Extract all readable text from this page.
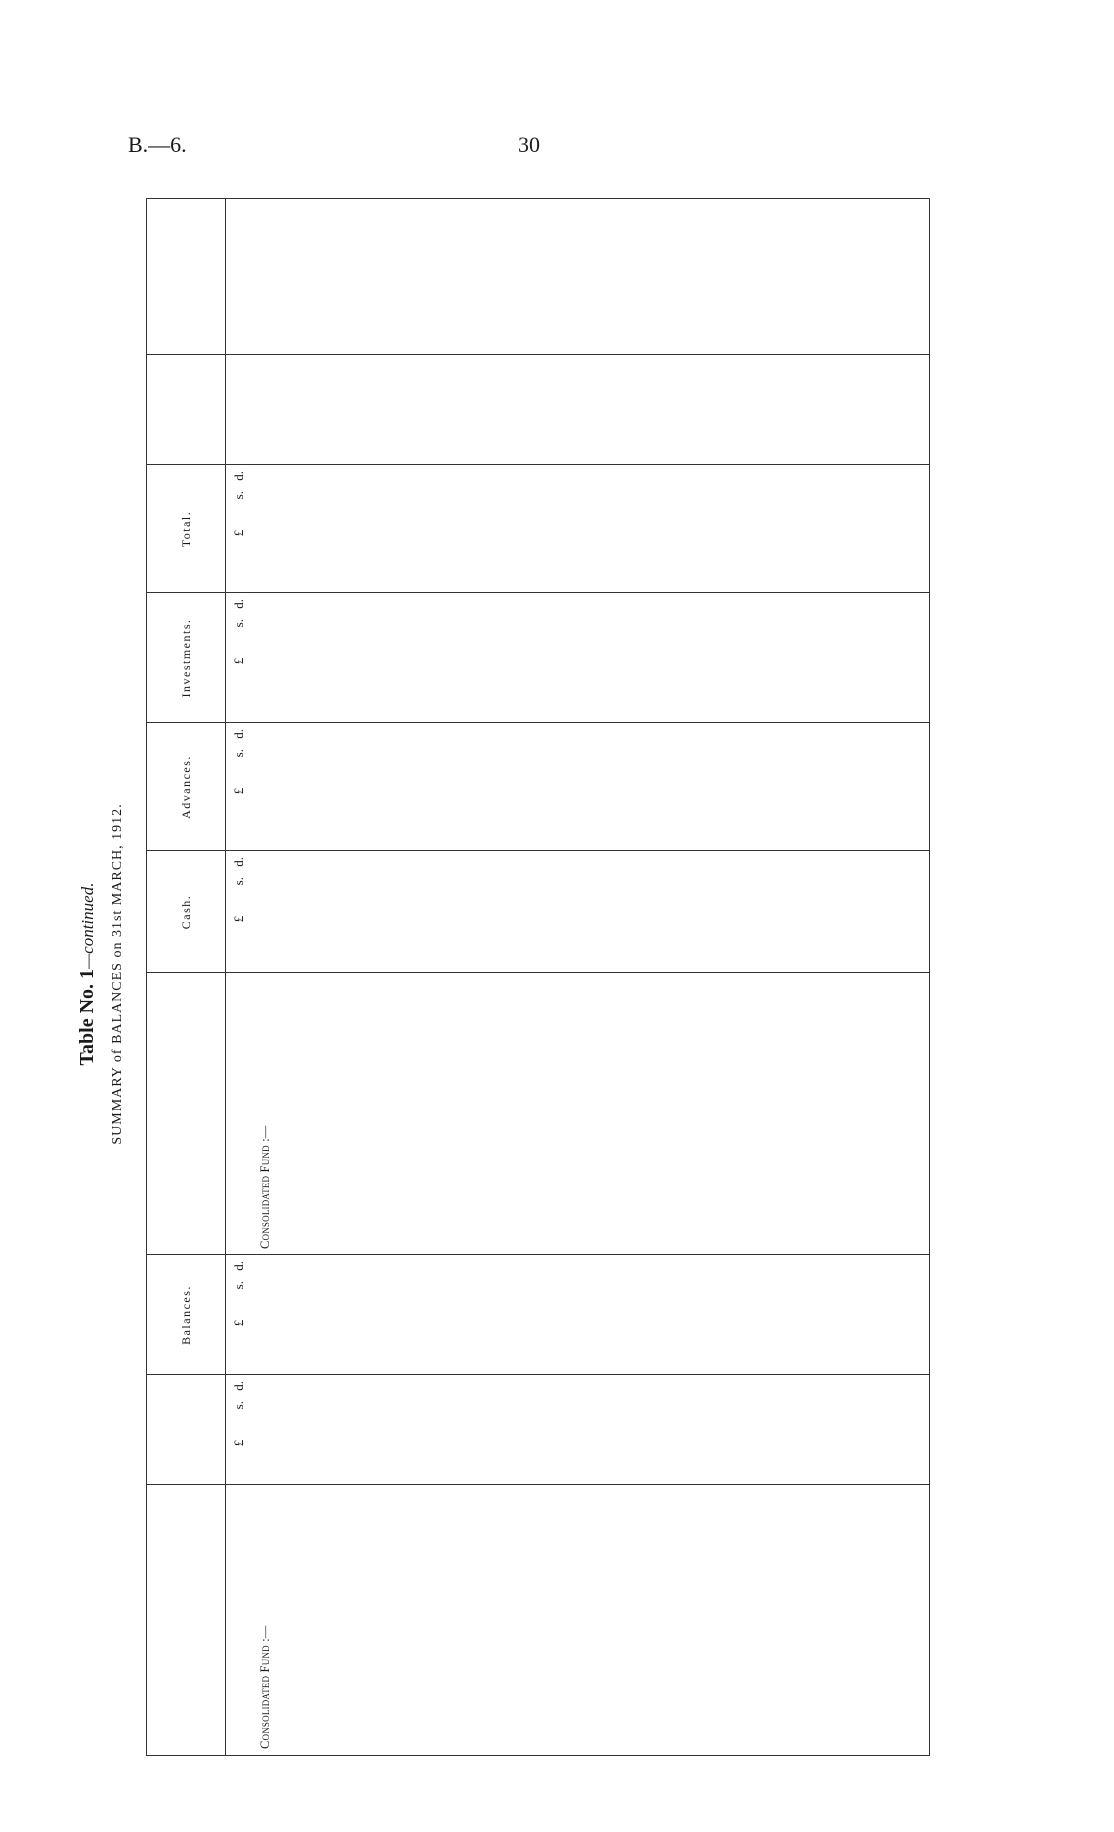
B.—6.	30
Table No. 1—continued. SUMMARY of BALANCES on 31st MARCH, 1912.
Balances.
Cash.
Advances.
Investments.
Total.
£
s.
d.
£
s.
d.
£
s.
d.
£
s.
d.
£
s.
d.
£
s.
d.
Consolidated Fund :—
Consolidated Fund :—
